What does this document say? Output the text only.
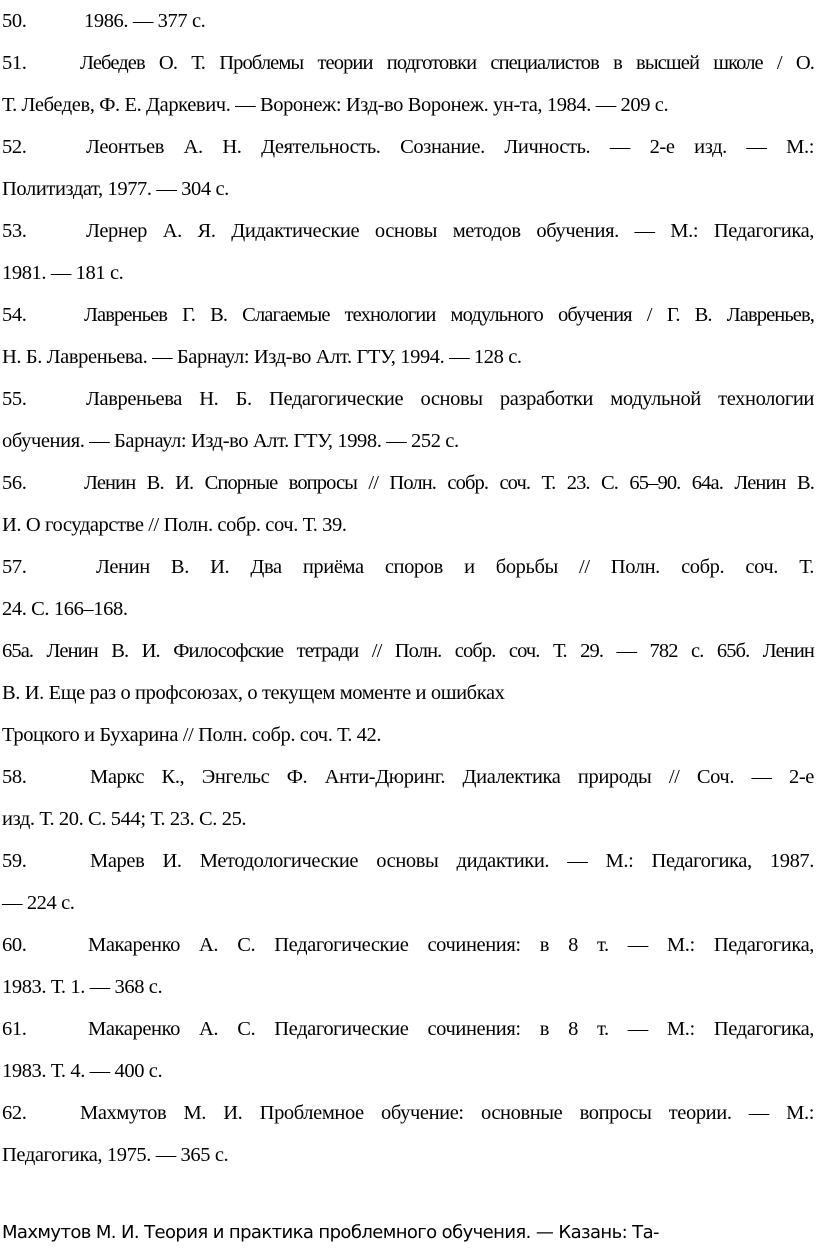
50.	1986. — 377 с.
51.	Лебедев О. Т. Проблемы теории подготовки специалистов в высшей школе / О.
Т. Лебедев, Ф. Е. Даркевич. — Воронеж: Изд-во Воронеж. ун-та, 1984. — 209 с.
52.	Леонтьев А. Н. Деятельность. Сознание. Личность. — 2-е изд. — М.:
Политиздат, 1977. — 304 с.
53.	Лернер А. Я. Дидактические основы методов обучения. — М.: Педагогика,
1981. — 181 с.
54.	Лавреньев Г. В. Слагаемые технологии модульного обучения / Г. В. Лавреньев,
Н. Б. Лавреньева. — Барнаул: Изд-во Алт. ГТУ, 1994. — 128 с.
55.	Лавреньева Н. Б. Педагогические основы разработки модульной технологии
обучения. — Барнаул: Изд-во Алт. ГТУ, 1998. — 252 с.
56.	Ленин В. И. Спорные вопросы // Полн. собр. соч. Т. 23. С. 65–90. 64а. Ленин В.
И. О государстве // Полн. собр. соч. Т. 39.
57.	Ленин В. И. Два приёма споров и борьбы // Полн. собр. соч. Т.
24. С. 166–168.
65а. Ленин В. И. Философские тетради // Полн. собр. соч. Т. 29. — 782 с. 65б. Ленин
В. И. Еще раз о профсоюзах, о текущем моменте и ошибках
Троцкого и Бухарина // Полн. собр. соч. Т. 42.
58.	Маркс К., Энгельс Ф. Анти-Дюринг. Диалектика природы // Соч. — 2-е
изд. Т. 20. С. 544; Т. 23. С. 25.
59.	Марев И. Методологические основы дидактики. — М.: Педагогика, 1987.
— 224 с.
60.	Макаренко А. С. Педагогические сочинения: в 8 т. — М.: Педагогика,
1983. Т. 1. — 368 с.
61.	Макаренко А. С. Педагогические сочинения: в 8 т. — М.: Педагогика,
1983. Т. 4. — 400 с.
62.	Махмутов М. И. Проблемное обучение: основные вопросы теории. — М.:
Педагогика, 1975. — 365 с.
Махмутов М. И. Теория и практика проблемного обучения. — Казань: Та-
